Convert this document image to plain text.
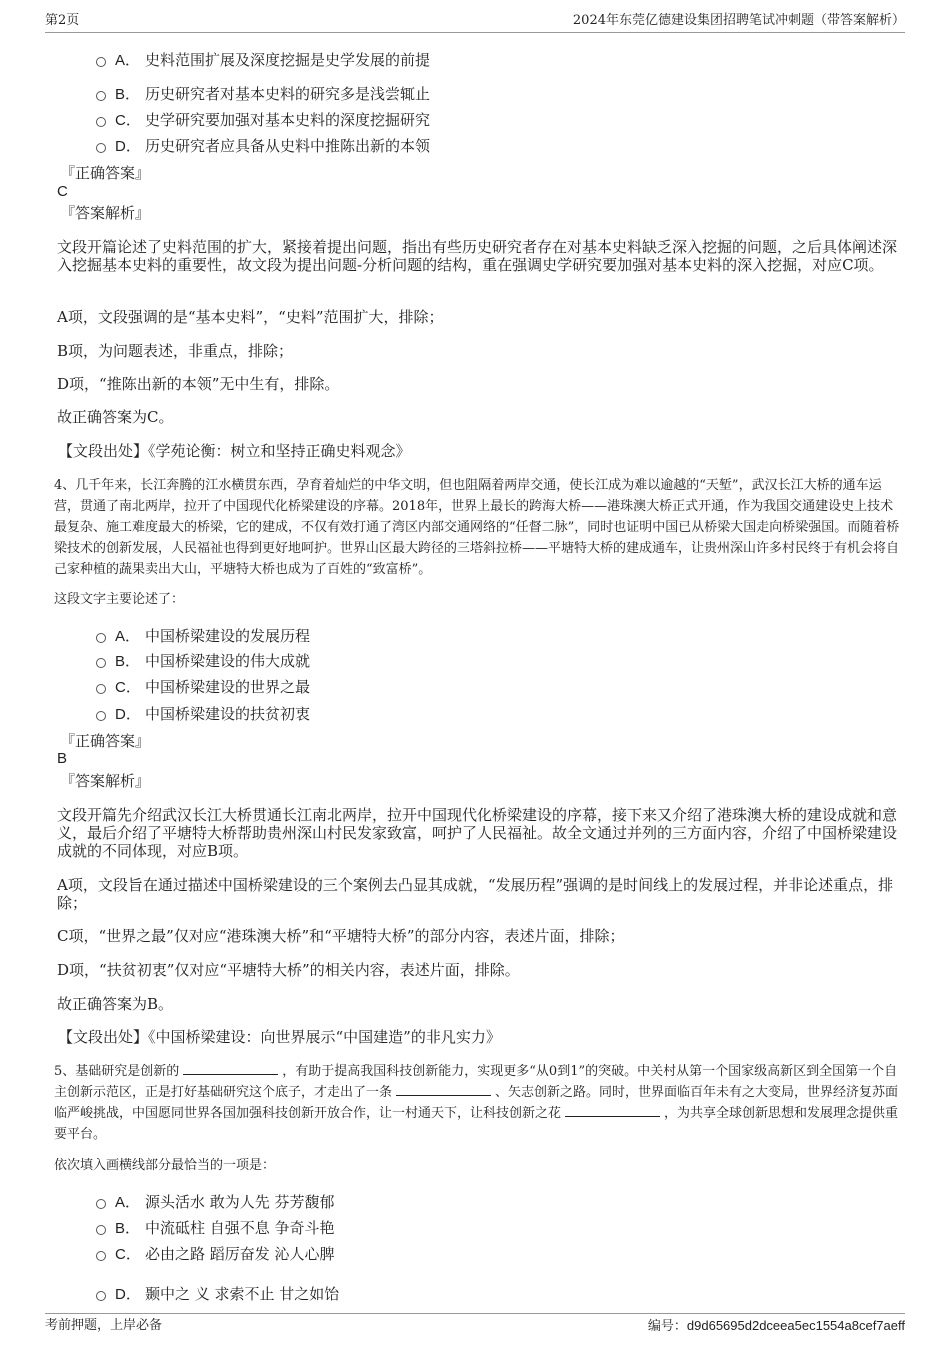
第2页	2024年东莞亿德建设集团招聘笔试冲刺题（带答案解析）
A． 史料范围扩展及深度挖掘是史学发展的前提
B． 历史研究者对基本史料的研究多是浅尝辄止
C． 史学研究要加强对基本史料的深度挖掘研究
D． 历史研究者应具备从史料中推陈出新的本领
『正确答案』
C
『答案解析』
文段开篇论述了史料范围的扩大，紧接着提出问题，指出有些历史研究者存在对基本史料缺乏深入挖掘的问题，之后具体阐述深入挖掘基本史料的重要性，故文段为提出问题-分析问题的结构，重在强调史学研究要加强对基本史料的深入挖掘，对应C项。
A项，文段强调的是“基本史料”，“史料”范围扩大，排除；
B项，为问题表述，非重点，排除；
D项，“推陈出新的本领”无中生有，排除。
故正确答案为C。
【文段出处】《学苑论衡：树立和坚持正确史料观念》
4、几千年来，长江奔腾的江水横贯东西，孕育着灿烂的中华文明，但也阻隔着两岸交通，使长江成为难以逾越的“天堑”，武汉长江大桥的通车运营，贯通了南北两岸，拉开了中国现代化桥梁建设的序幕。2018年，世界上最长的跨海大桥——港珠澳大桥正式开通，作为我国交通建设史上技术最复杂、施工难度最大的桥梁，它的建成，不仅有效打通了湾区内部交通网络的“任督二脉”，同时也证明中国已从桥梁大国走向桥梁强国。而随着桥梁技术的创新发展，人民福祉也得到更好地呵护。世界山区最大跨径的三塔斜拉桥——平塘特大桥的建成通车，让贵州深山许多村民终于有机会将自己家种植的蔬果卖出大山，平塘特大桥也成为了百姓的“致富桥”。
这段文字主要论述了：
A． 中国桥梁建设的发展历程
B． 中国桥梁建设的伟大成就
C． 中国桥梁建设的世界之最
D． 中国桥梁建设的扶贫初衷
『正确答案』
B
『答案解析』
文段开篇先介绍武汉长江大桥贯通长江南北两岸，拉开中国现代化桥梁建设的序幕，接下来又介绍了港珠澳大桥的建设成就和意义，最后介绍了平塘特大桥帮助贵州深山村民发家致富，呵护了人民福祉。故全文通过并列的三方面内容，介绍了中国桥梁建设成就的不同体现，对应B项。
A项，文段旨在通过描述中国桥梁建设的三个案例去凸显其成就，“发展历程”强调的是时间线上的发展过程，并非论述重点，排除；
C项，“世界之最”仅对应“港珠澳大桥”和“平塘特大桥”的部分内容，表述片面，排除；
D项，“扶贫初衷”仅对应“平塘特大桥”的相关内容，表述片面，排除。
故正确答案为B。
【文段出处】《中国桥梁建设：向世界展示“中国建造”的非凡实力》
5、基础研究是创新的	，有助于提高我国科技创新能力，实现更多“从0到1”的突破。中关村从第一个国家级高新区到全国第一个自主创新示范区，正是打好基础研究这个底子，才走出了一条	、矢志创新之路。同时，世界面临百年未有之大变局，世界经济复苏面临严峻挑战，中国愿同世界各国加强科技创新开放合作，让一村通天下，让科技创新之花	，为共享全球创新思想和发展理念提供重要平台。
依次填入画横线部分最恰当的一项是：
A． 源头活水 敢为人先 芬芳馥郁
B． 中流砥柱 自强不息 争奇斗艳
C． 必由之路 蹈厉奋发 沁人心脾
D． 颞中之 义 求索不止 甘之如饴
考前押题，上岸必备	编号：d9d65695d2dceea5ec1554a8cef7aeff
